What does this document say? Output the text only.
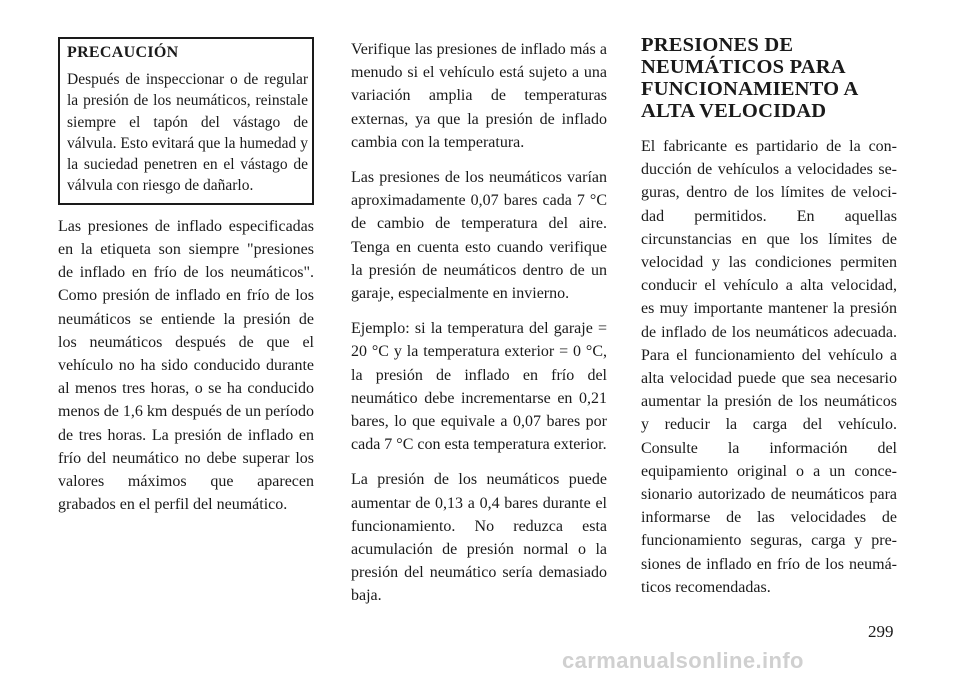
PRECAUCIÓN

Después de inspeccionar o de regular la presión de los neumáticos, reinstale siempre el tapón del vástago de válvula. Esto evitará que la humedad y la suciedad penetren en el vástago de válvula con riesgo de dañarlo.

Las presiones de inflado especificadas en la etiqueta son siempre "presiones de inflado en frío de los neumáticos". Como presión de inflado en frío de los neumáticos se entiende la presión de los neumáticos después de que el vehículo no ha sido conducido durante al menos tres horas, o se ha conducido menos de 1,6 km después de un período de tres horas. La presión de inflado en frío del neumático no debe superar los valores máximos que aparecen grabados en el perfil del neumático.

Verifique las presiones de inflado más a menudo si el vehículo está sujeto a una variación amplia de temperaturas externas, ya que la presión de inflado cambia con la temperatura.

Las presiones de los neumáticos varían aproximadamente 0,07 bares cada 7 °C de cambio de temperatura del aire. Tenga en cuenta esto cuando verifique la presión de neumáticos dentro de un garaje, especialmente en invierno.

Ejemplo: si la temperatura del garaje = 20 °C y la temperatura exterior = 0 °C, la presión de inflado en frío del neumático debe incrementarse en 0,21 bares, lo que equivale a 0,07 bares por cada 7 °C con esta temperatura exterior.

La presión de los neumáticos puede aumentar de 0,13 a 0,4 bares durante el funcionamiento. No reduzca esta acumulación de presión normal o la presión del neumático sería demasiado baja.

PRESIONES DE NEUMÁTICOS PARA FUNCIONAMIENTO A ALTA VELOCIDAD

El fabricante es partidario de la conducción de vehículos a velocidades seguras, dentro de los límites de velocidad permitidos. En aquellas circunstancias en que los límites de velocidad y las condiciones permiten conducir el vehículo a alta velocidad, es muy importante mantener la presión de inflado de los neumáticos adecuada. Para el funcionamiento del vehículo a alta velocidad puede que sea necesario aumentar la presión de los neumáticos y reducir la carga del vehículo. Consulte la información del equipamiento original o a un concesionario autorizado de neumáticos para informarse de las velocidades de funcionamiento seguras, carga y presiones de inflado en frío de los neumáticos recomendadas.

299
carmanualsonline.info
